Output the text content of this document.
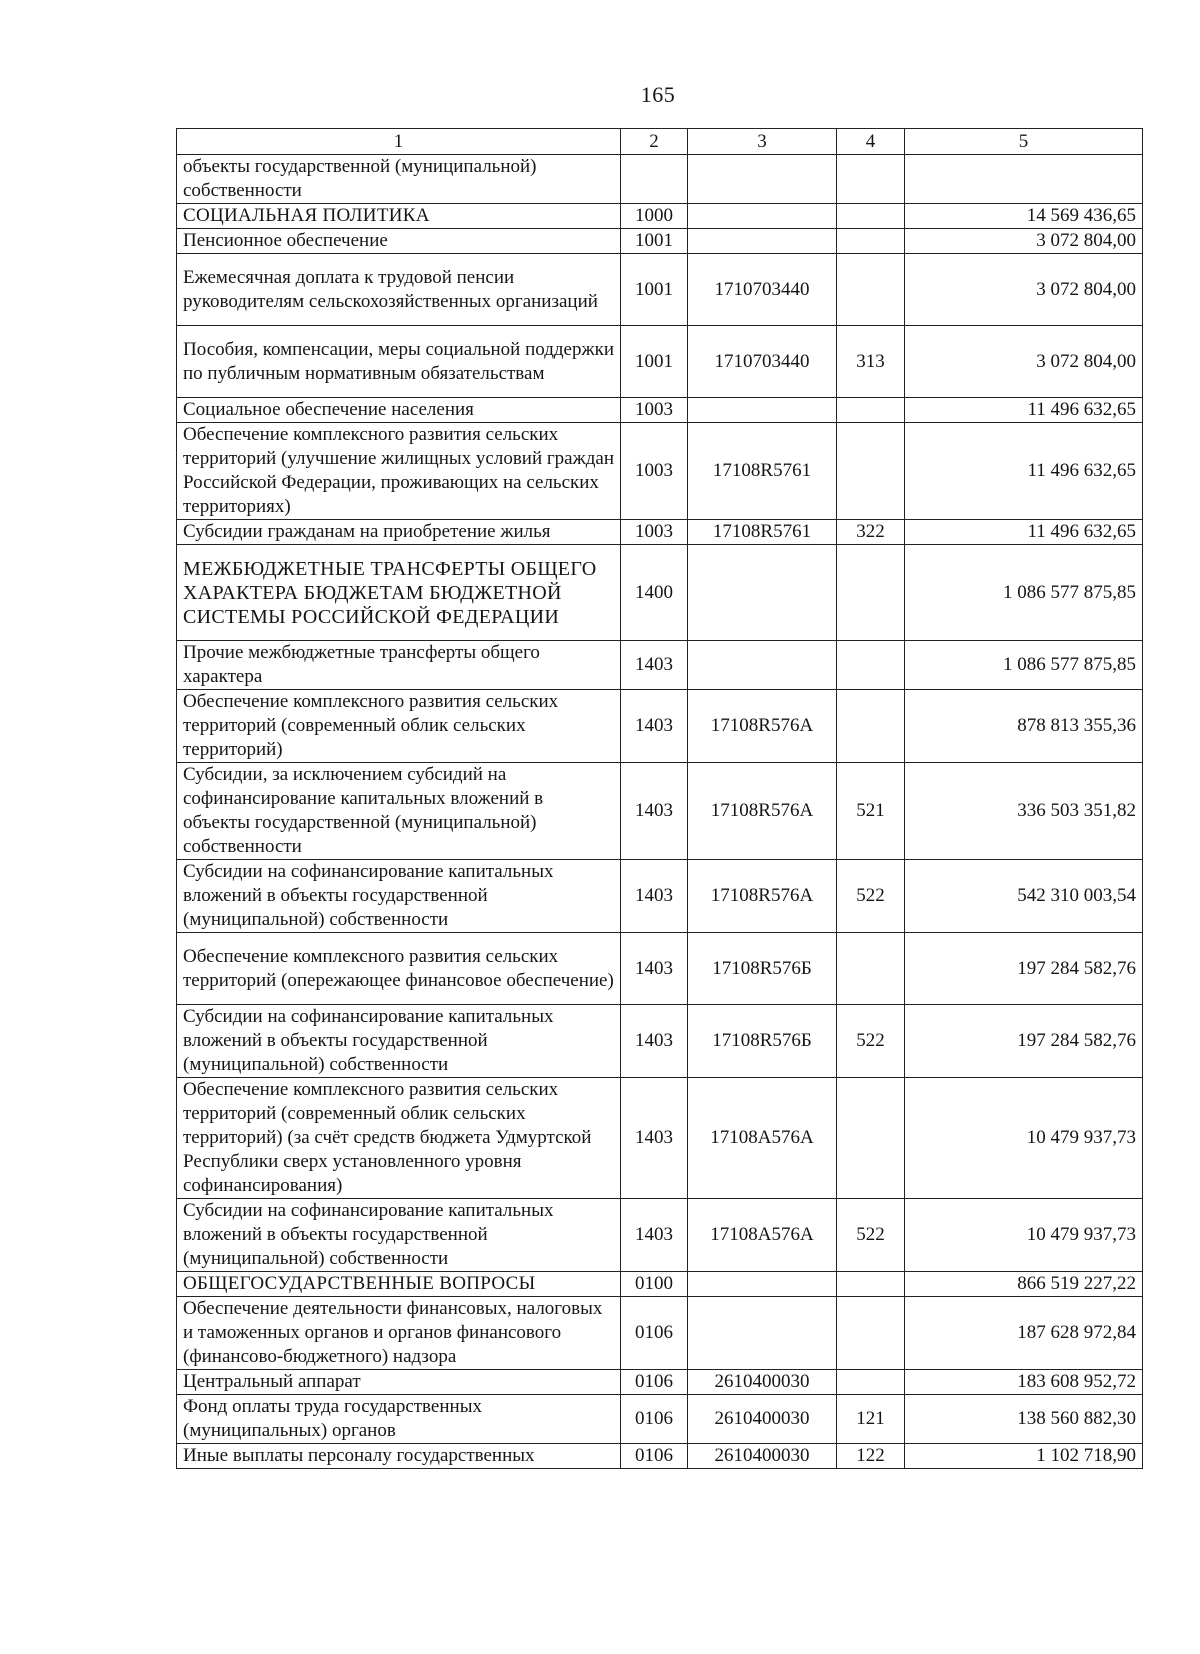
165
1	2	3	4	5
объекты государственной (муниципальной) собственности				
СОЦИАЛЬНАЯ ПОЛИТИКА	1000			14 569 436,65
Пенсионное обеспечение	1001			3 072 804,00
Ежемесячная доплата к трудовой пенсии руководителям сельскохозяйственных организаций	1001	1710703440		3 072 804,00
Пособия, компенсации, меры социальной поддержки по публичным нормативным обязательствам	1001	1710703440	313	3 072 804,00
Социальное обеспечение населения	1003			11 496 632,65
Обеспечение комплексного развития сельских территорий (улучшение жилищных условий граждан Российской Федерации, проживающих на сельских территориях)	1003	17108R5761		11 496 632,65
Субсидии гражданам на приобретение жилья	1003	17108R5761	322	11 496 632,65
МЕЖБЮДЖЕТНЫЕ ТРАНСФЕРТЫ ОБЩЕГО ХАРАКТЕРА БЮДЖЕТАМ БЮДЖЕТНОЙ СИСТЕМЫ РОССИЙСКОЙ ФЕДЕРАЦИИ	1400			1 086 577 875,85
Прочие межбюджетные трансферты общего характера	1403			1 086 577 875,85
Обеспечение комплексного развития сельских территорий (современный облик сельских территорий)	1403	17108R576A		878 813 355,36
Субсидии, за исключением субсидий на софинансирование капитальных вложений в объекты государственной (муниципальной) собственности	1403	17108R576A	521	336 503 351,82
Субсидии на софинансирование капитальных вложений в объекты государственной (муниципальной) собственности	1403	17108R576A	522	542 310 003,54
Обеспечение комплексного развития сельских территорий (опережающее финансовое обеспечение)	1403	17108R576Б		197 284 582,76
Субсидии на софинансирование капитальных вложений в объекты государственной (муниципальной) собственности	1403	17108R576Б	522	197 284 582,76
Обеспечение комплексного развития сельских территорий (современный облик сельских территорий) (за счёт средств бюджета Удмуртской Республики сверх установленного уровня софинансирования)	1403	17108A576A		10 479 937,73
Субсидии на софинансирование капитальных вложений в объекты государственной (муниципальной) собственности	1403	17108A576A	522	10 479 937,73
ОБЩЕГОСУДАРСТВЕННЫЕ ВОПРОСЫ	0100			866 519 227,22
Обеспечение деятельности финансовых, налоговых и таможенных органов и органов финансового (финансово-бюджетного) надзора	0106			187 628 972,84
Центральный аппарат	0106	2610400030		183 608 952,72
Фонд оплаты труда государственных (муниципальных) органов	0106	2610400030	121	138 560 882,30
Иные выплаты персоналу государственных	0106	2610400030	122	1 102 718,90
